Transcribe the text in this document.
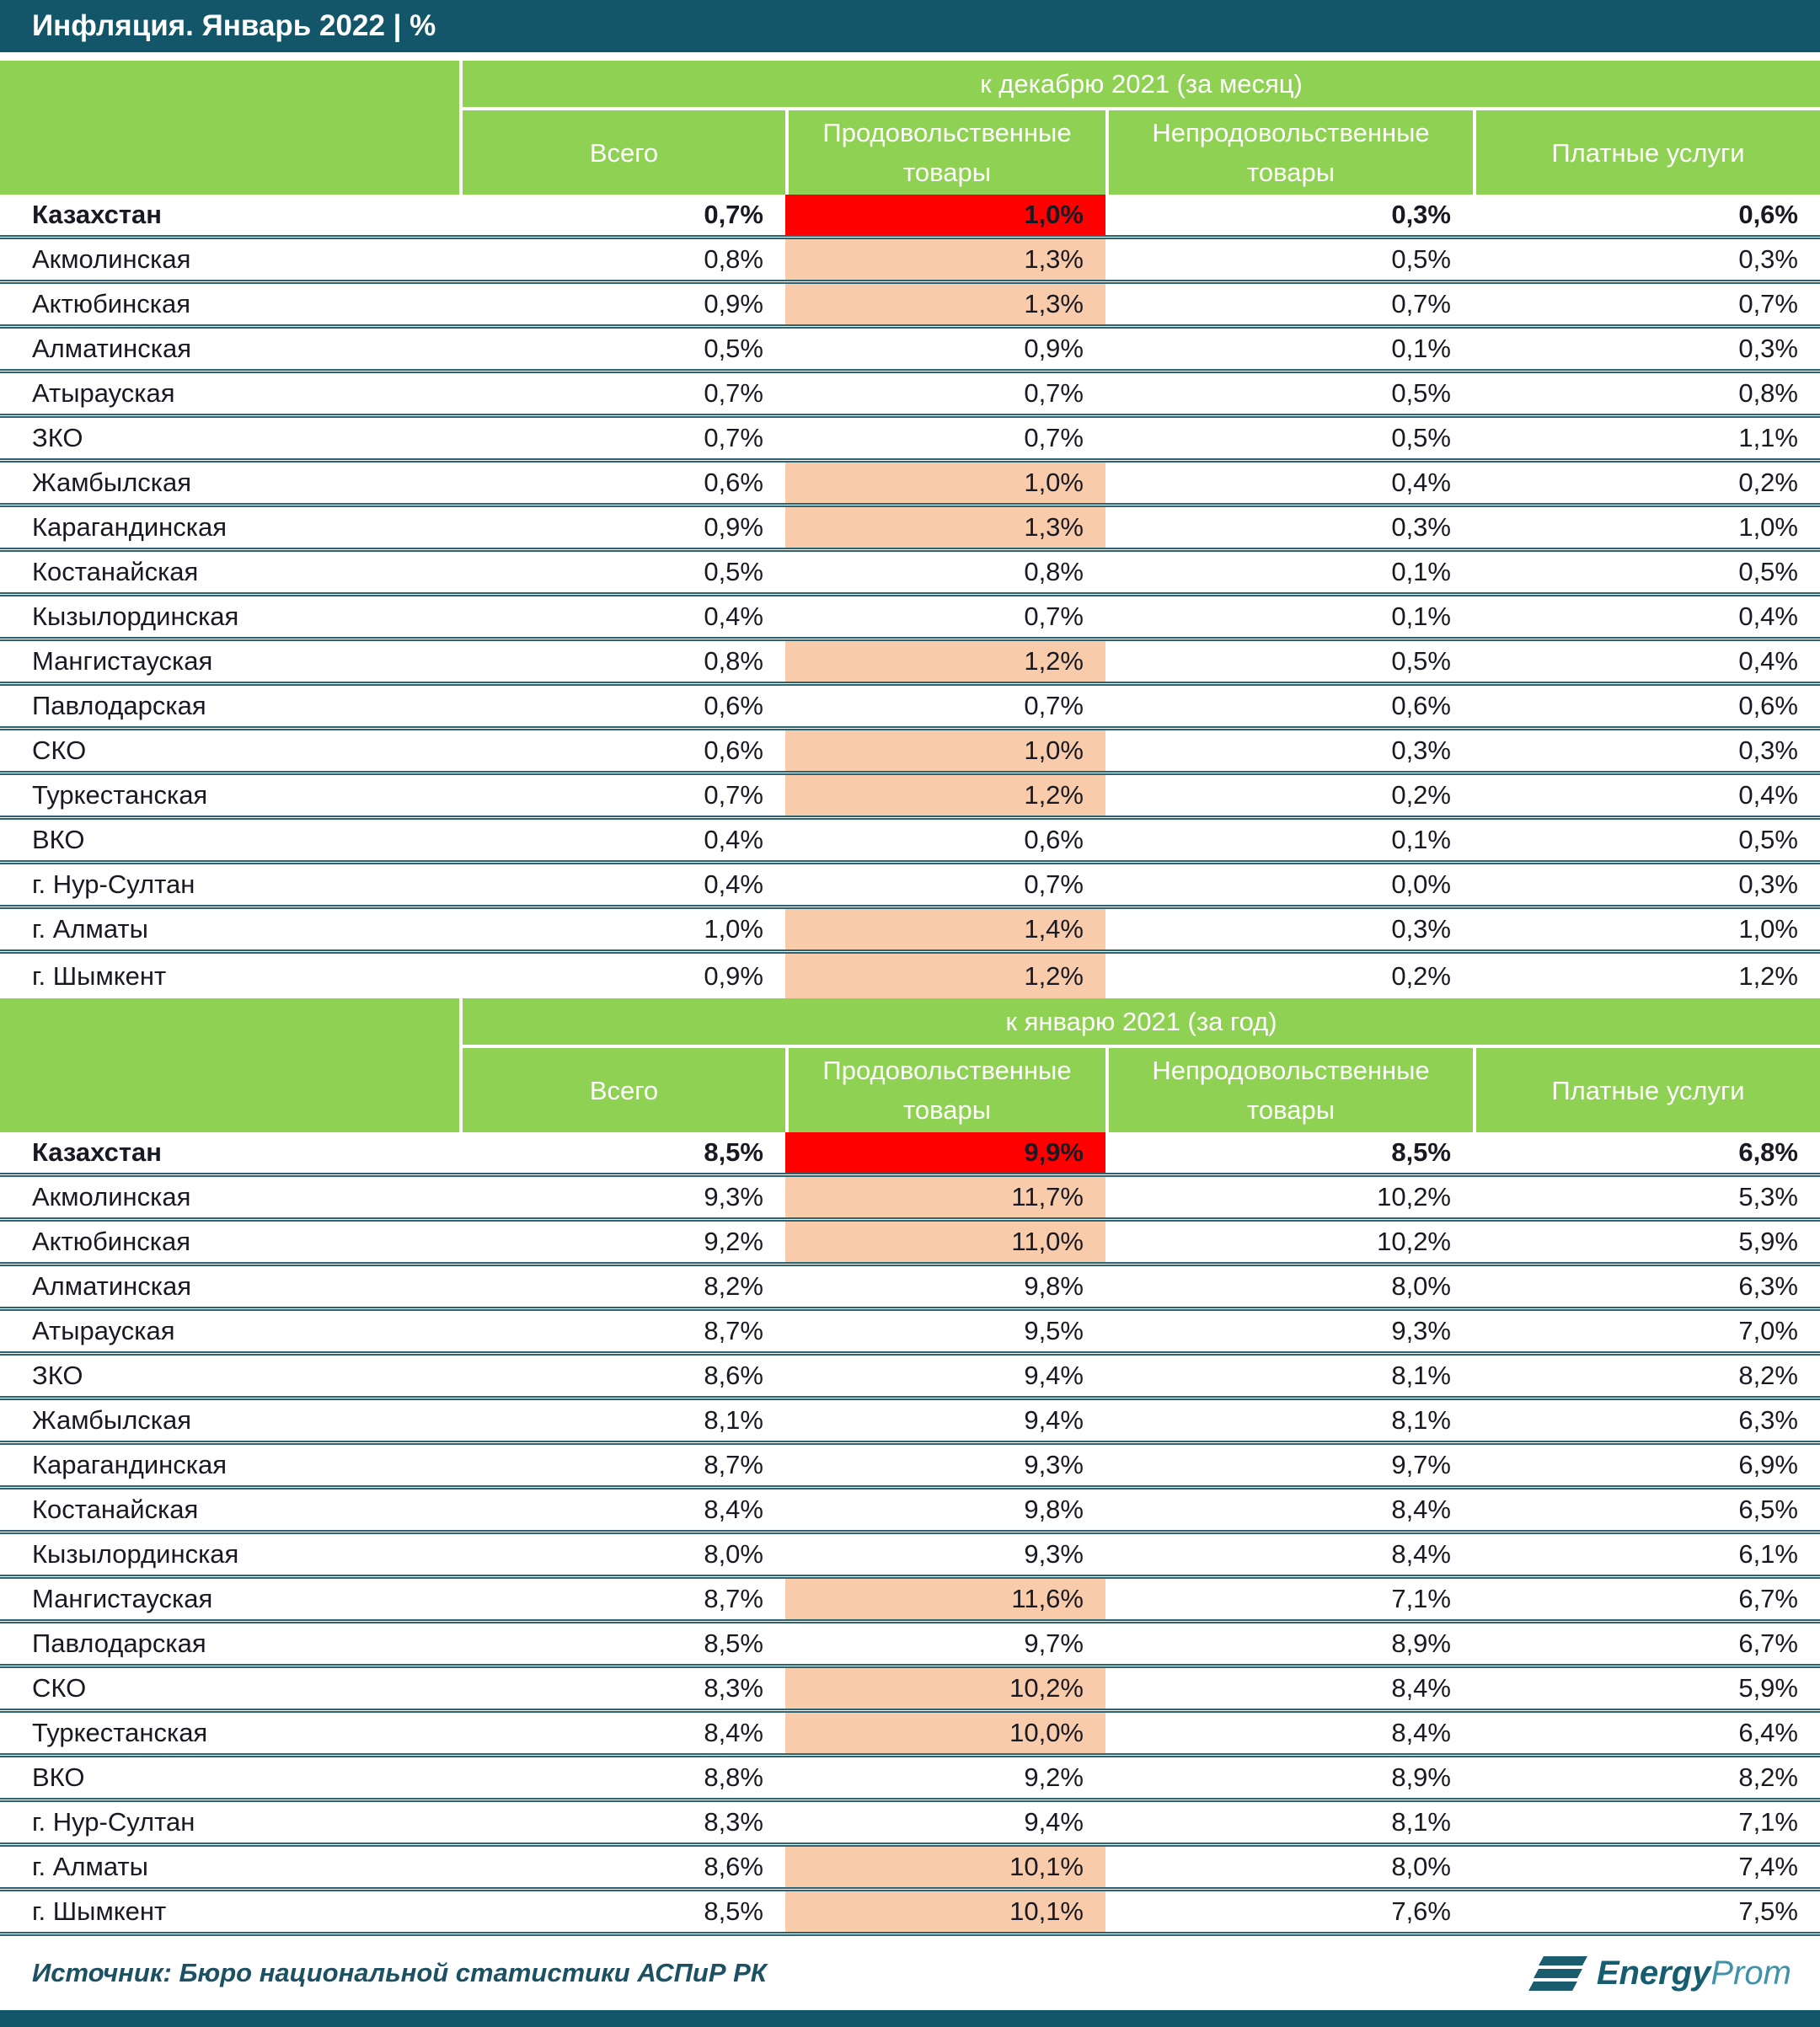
Инфляция. Январь 2022 | %
к декабрю 2021 (за месяц)
Всего
Продовольственные товары
Непродовольственные товары
Платные услуги
Казахстан	0,7%	1,0%	0,3%	0,6%
Акмолинская	0,8%	1,3%	0,5%	0,3%
Актюбинская	0,9%	1,3%	0,7%	0,7%
Алматинская	0,5%	0,9%	0,1%	0,3%
Атырауская	0,7%	0,7%	0,5%	0,8%
ЗКО	0,7%	0,7%	0,5%	1,1%
Жамбылская	0,6%	1,0%	0,4%	0,2%
Карагандинская	0,9%	1,3%	0,3%	1,0%
Костанайская	0,5%	0,8%	0,1%	0,5%
Кызылординская	0,4%	0,7%	0,1%	0,4%
Мангистауская	0,8%	1,2%	0,5%	0,4%
Павлодарская	0,6%	0,7%	0,6%	0,6%
СКО	0,6%	1,0%	0,3%	0,3%
Туркестанская	0,7%	1,2%	0,2%	0,4%
ВКО	0,4%	0,6%	0,1%	0,5%
г. Нур-Султан	0,4%	0,7%	0,0%	0,3%
г. Алматы	1,0%	1,4%	0,3%	1,0%
г. Шымкент	0,9%	1,2%	0,2%	1,2%
к январю 2021 (за год)
Всего
Продовольственные товары
Непродовольственные товары
Платные услуги
Казахстан	8,5%	9,9%	8,5%	6,8%
Акмолинская	9,3%	11,7%	10,2%	5,3%
Актюбинская	9,2%	11,0%	10,2%	5,9%
Алматинская	8,2%	9,8%	8,0%	6,3%
Атырауская	8,7%	9,5%	9,3%	7,0%
ЗКО	8,6%	9,4%	8,1%	8,2%
Жамбылская	8,1%	9,4%	8,1%	6,3%
Карагандинская	8,7%	9,3%	9,7%	6,9%
Костанайская	8,4%	9,8%	8,4%	6,5%
Кызылординская	8,0%	9,3%	8,4%	6,1%
Мангистауская	8,7%	11,6%	7,1%	6,7%
Павлодарская	8,5%	9,7%	8,9%	6,7%
СКО	8,3%	10,2%	8,4%	5,9%
Туркестанская	8,4%	10,0%	8,4%	6,4%
ВКО	8,8%	9,2%	8,9%	8,2%
г. Нур-Султан	8,3%	9,4%	8,1%	7,1%
г. Алматы	8,6%	10,1%	8,0%	7,4%
г. Шымкент	8,5%	10,1%	7,6%	7,5%
Источник: Бюро национальной статистики АСПиР РК	Energy Prom
